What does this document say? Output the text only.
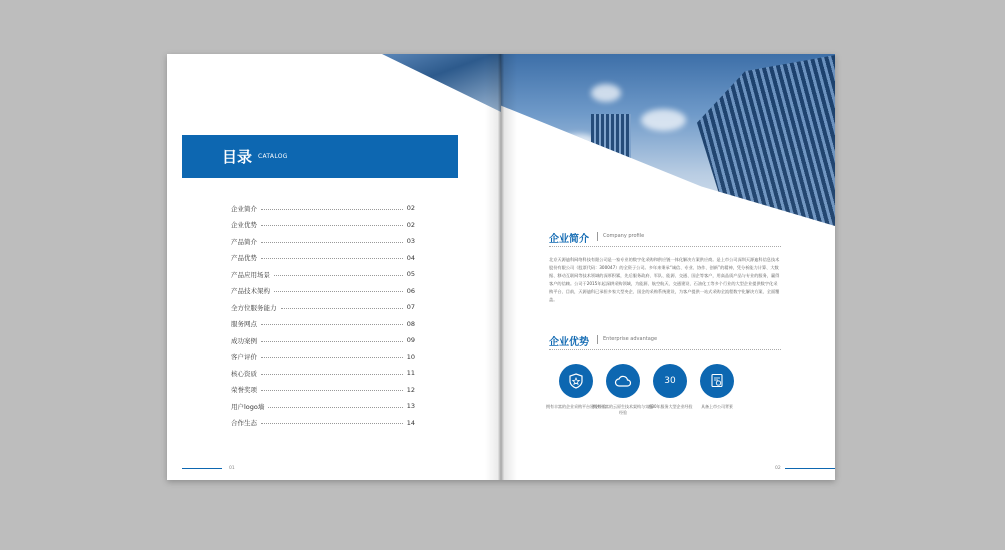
目录 CATALOG
企业简介	02
企业优势	02
产品简介	03
产品优势	04
产品应用场景	05
产品技术架构	06
全方位服务能力	07
服务网点	08
成功案例	09
客户评价	10
核心资质	11
荣誉奖项	12
用户logo墙	13
合作生态	14
01
企业简介	Company profile

北京天源迪科网络科技有限公司是一家专业的数字化采购和供应链一体化解决方案供应商。是上市公司深圳天源迪科信息技术股份有限公司（股票代码：300047）的全资子公司。多年来秉承“诚信、专业、协作、创新”的精神，凭分析能力计算、大数据、移动互联网等技术领域的深厚积累，先后服务政府、军队、能源、交通、国企等客户，用高品质产品与专业的服务，赢得客户的信赖。公司于2015年起深耕采购领域，为能源、航空航天、交通建设、石油化工等多个行业的大型企业提供数字化采购平台、目前，天源迪科已承担多家大型央企、国企的采购系统建设，为客户提供一站式采购全流程数字化解决方案、全面覆盖。

企业优势	Enterprise advantage
拥有丰富的企业采购平台建设经验
拥有丰富的云原生技术架构与实施经验
30
近30年服务大型企业经验	具备上市公司背景
02
